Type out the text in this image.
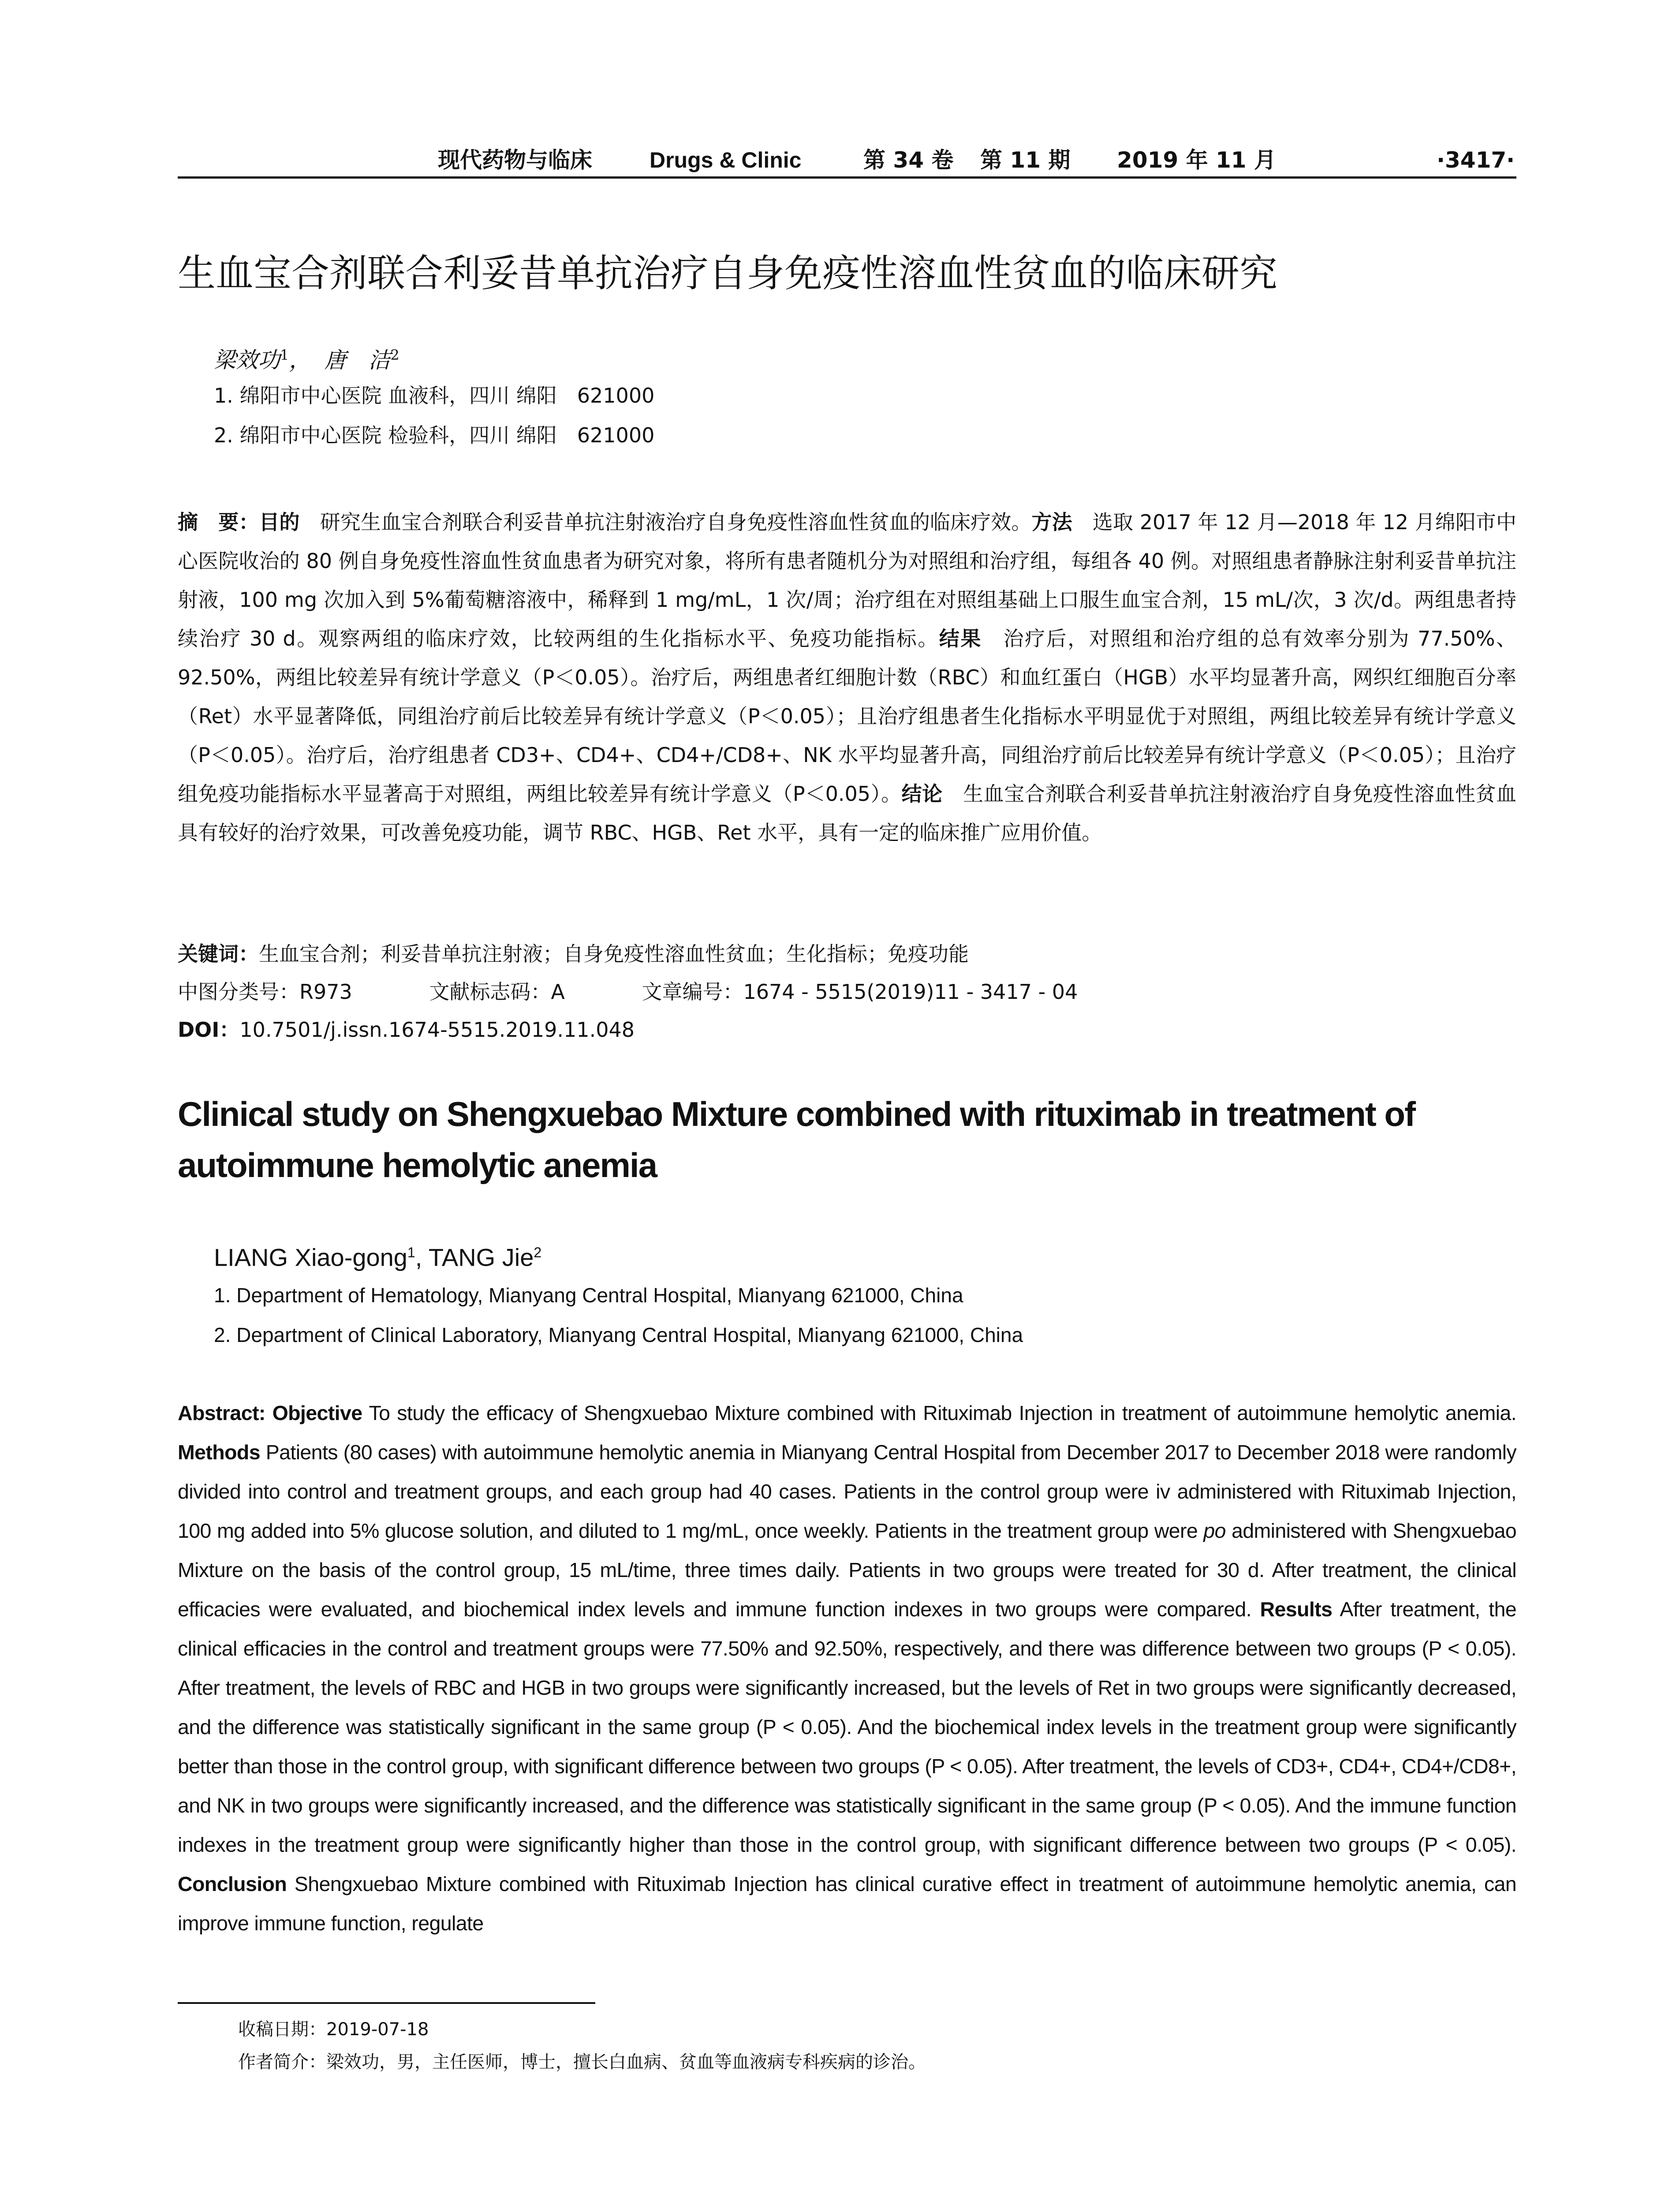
现代药物与临床	Drugs & Clinic	第 34 卷 第 11 期 2019 年 11 月	·3417·
生血宝合剂联合利妥昔单抗治疗自身免疫性溶血性贫血的临床研究
梁效功$^1$， 唐　洁$^2$
1. 绵阳市中心医院 血液科，四川 绵阳　621000
2. 绵阳市中心医院 检验科，四川 绵阳　621000
摘　要：目的　研究生血宝合剂联合利妥昔单抗注射液治疗自身免疫性溶血性贫血的临床疗效。方法　选取 2017 年 12 月—2018 年 12 月绵阳市中心医院收治的 80 例自身免疫性溶血性贫血患者为研究对象，将所有患者随机分为对照组和治疗组，每组各 40 例。对照组患者静脉注射利妥昔单抗注射液，100 mg 次加入到 5%葡萄糖溶液中，稀释到 1 mg/mL，1 次/周；治疗组在对照组基础上口服生血宝合剂，15 mL/次，3 次/d。两组患者持续治疗 30 d。观察两组的临床疗效，比较两组的生化指标水平、免疫功能指标。结果　治疗后，对照组和治疗组的总有效率分别为 77.50%、92.50%，两组比较差异有统计学意义（P＜0.05）。治疗后，两组患者红细胞计数（RBC）和血红蛋白（HGB）水平均显著升高，网织红细胞百分率（Ret）水平显著降低，同组治疗前后比较差异有统计学意义（P＜0.05）；且治疗组患者生化指标水平明显优于对照组，两组比较差异有统计学意义（P＜0.05）。治疗后，治疗组患者 CD3+、CD4+、CD4+/CD8+、NK 水平均显著升高，同组治疗前后比较差异有统计学意义（P＜0.05）；且治疗组免疫功能指标水平显著高于对照组，两组比较差异有统计学意义（P＜0.05）。结论　生血宝合剂联合利妥昔单抗注射液治疗自身免疫性溶血性贫血具有较好的治疗效果，可改善免疫功能，调节 RBC、HGB、Ret 水平，具有一定的临床推广应用价值。
关键词：生血宝合剂；利妥昔单抗注射液；自身免疫性溶血性贫血；生化指标；免疫功能
中图分类号：R973	文献标志码：A	文章编号：1674 - 5515(2019)11 - 3417 - 04
DOI：10.7501/j.issn.1674-5515.2019.11.048
Clinical study on Shengxuebao Mixture combined with rituximab in treatment of autoimmune hemolytic anemia
LIANG Xiao-gong$^1$, TANG Jie$^2$
1. Department of Hematology, Mianyang Central Hospital, Mianyang 621000, China
2. Department of Clinical Laboratory, Mianyang Central Hospital, Mianyang 621000, China
Abstract: Objective To study the efficacy of Shengxuebao Mixture combined with Rituximab Injection in treatment of autoimmune hemolytic anemia. Methods Patients (80 cases) with autoimmune hemolytic anemia in Mianyang Central Hospital from December 2017 to December 2018 were randomly divided into control and treatment groups, and each group had 40 cases. Patients in the control group were iv administered with Rituximab Injection, 100 mg added into 5% glucose solution, and diluted to 1 mg/mL, once weekly. Patients in the treatment group were po administered with Shengxuebao Mixture on the basis of the control group, 15 mL/time, three times daily. Patients in two groups were treated for 30 d. After treatment, the clinical efficacies were evaluated, and biochemical index levels and immune function indexes in two groups were compared. Results After treatment, the clinical efficacies in the control and treatment groups were 77.50% and 92.50%, respectively, and there was difference between two groups (P < 0.05). After treatment, the levels of RBC and HGB in two groups were significantly increased, but the levels of Ret in two groups were significantly decreased, and the difference was statistically significant in the same group (P < 0.05). And the biochemical index levels in the treatment group were significantly better than those in the control group, with significant difference between two groups (P < 0.05). After treatment, the levels of CD3+, CD4+, CD4+/CD8+, and NK in two groups were significantly increased, and the difference was statistically significant in the same group (P < 0.05). And the immune function indexes in the treatment group were significantly higher than those in the control group, with significant difference between two groups (P < 0.05). Conclusion Shengxuebao Mixture combined with Rituximab Injection has clinical curative effect in treatment of autoimmune hemolytic anemia, can improve immune function, regulate
收稿日期：2019-07-18
作者简介：梁效功，男，主任医师，博士，擅长白血病、贫血等血液病专科疾病的诊治。
